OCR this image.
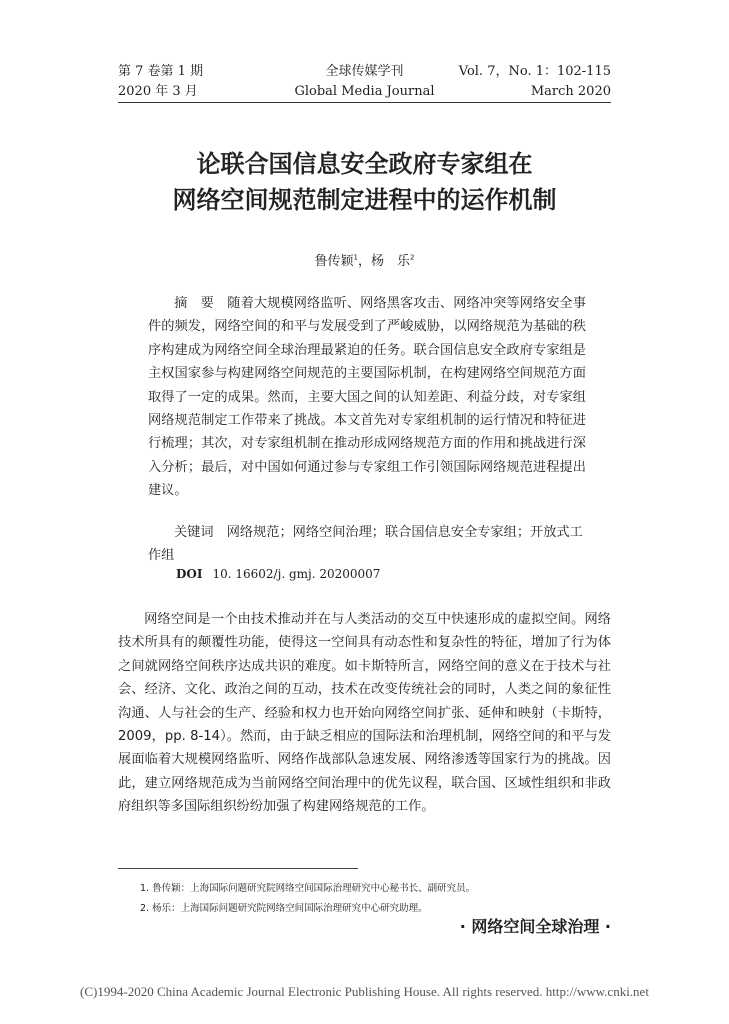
第 7 卷第 1 期
2020 年 3 月
全球传媒学刊
Global Media Journal
Vol. 7，No. 1：102-115
March 2020
论联合国信息安全政府专家组在
网络空间规范制定进程中的运作机制
鲁传颖$^1$，杨　乐$^2$
摘　要　 随着大规模网络监听、网络黑客攻击、网络冲突等网络安全事件的频发，网络空间的和平与发展受到了严峻威胁，以网络规范为基础的秩序构建成为网络空间全球治理最紧迫的任务。联合国信息安全政府专家组是主权国家参与构建网络空间规范的主要国际机制，在构建网络空间规范方面取得了一定的成果。然而，主要大国之间的认知差距、利益分歧，对专家组网络规范制定工作带来了挑战。本文首先对专家组机制的运行情况和特征进行梳理；其次，对专家组机制在推动形成网络规范方面的作用和挑战进行深入分析；最后，对中国如何通过参与专家组工作引领国际网络规范进程提出建议。
关键词　 网络规范；网络空间治理；联合国信息安全专家组；开放式工作组
DOI 10. 16602/j. gmj. 20200007
网络空间是一个由技术推动并在与人类活动的交互中快速形成的虚拟空间。网络技术所具有的颠覆性功能，使得这一空间具有动态性和复杂性的特征，增加了行为体之间就网络空间秩序达成共识的难度。如卡斯特所言，网络空间的意义在于技术与社会、经济、文化、政治之间的互动，技术在改变传统社会的同时，人类之间的象征性沟通、人与社会的生产、经验和权力也开始向网络空间扩张、延伸和映射（卡斯特，2009，pp. 8-14）。然而，由于缺乏相应的国际法和治理机制，网络空间的和平与发展面临着大规模网络监听、网络作战部队急速发展、网络渗透等国家行为的挑战。因此，建立网络规范成为当前网络空间治理中的优先议程，联合国、区域性组织和非政府组织等多国际组织纷纷加强了构建网络规范的工作。
1. 鲁传颖：上海国际问题研究院网络空间国际治理研究中心秘书长、副研究员。
2. 杨乐：上海国际问题研究院网络空间国际治理研究中心研究助理。
· 网络空间全球治理 ·
(C)1994-2020 China Academic Journal Electronic Publishing House. All rights reserved. http://www.cnki.net
